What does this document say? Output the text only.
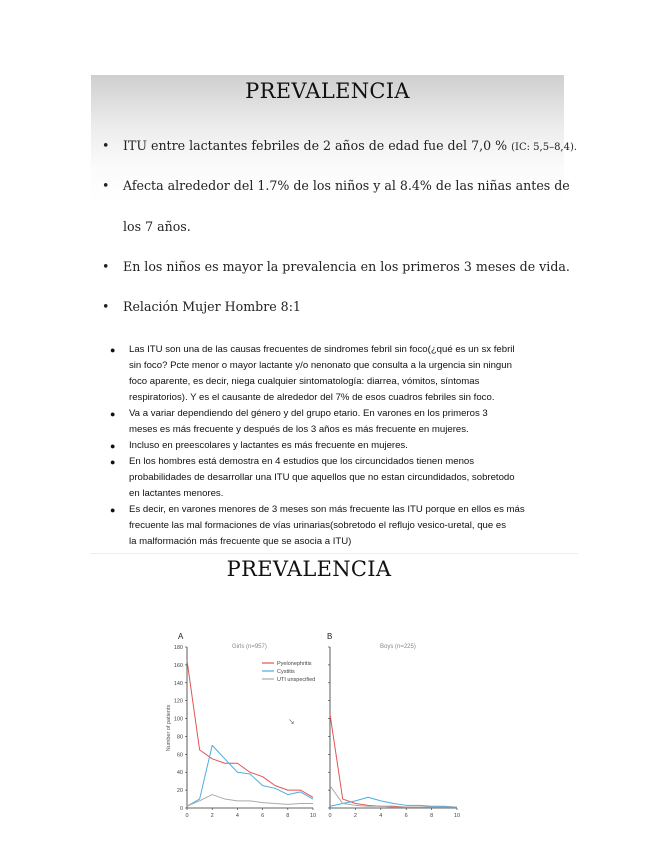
PREVALENCIA
• ITU entre lactantes febriles de 2 años de edad fue del 7,0 % (IC: 5,5–8,4).
• Afecta alrededor del 1.7% de los niños y al 8.4% de las niñas antes de
los 7 años.
• En los niños es mayor la prevalencia en los primeros 3 meses de vida.
• Relación Mujer Hombre 8:1
● Las ITU son una de las causas frecuentes de sindromes febril sin foco(¿qué es un sx febril
sin foco? Pcte menor o mayor lactante y/o nenonato que consulta a la urgencia sin ningun
foco aparente, es decir, niega cualquier sintomatología: diarrea, vómitos, síntomas
respiratorios). Y es el causante de alrededor del 7% de esos cuadros febriles sin foco.
● Va a variar dependiendo del género y del grupo etario. En varones en los primeros 3
meses es más frecuente y después de los 3 años es más frecuente en mujeres.
● Incluso en preescolares y lactantes es más frecuente en mujeres.
● En los hombres está demostra en 4 estudios que los circuncidados tienen menos
probabilidades de desarrollar una ITU que aquellos que no estan circundidados, sobretodo
en lactantes menores.
● Es decir, en varones menores de 3 meses son más frecuente las ITU porque en ellos es más
frecuente las mal formaciones de vías urinarias(sobretodo el reflujo vesico-uretal, que es
la malformación más frecuente que se asocia a ITU)
PREVALENCIA
A	B
Girls (n=957)	Boys (n=225)
Number of patients
0	2	4	6	8	10
0
20
40
60
80
100
120
140
160
180
0	2	4	6	8	10
Pyelonephritis
Cystitis
UTI unspecified
↘
